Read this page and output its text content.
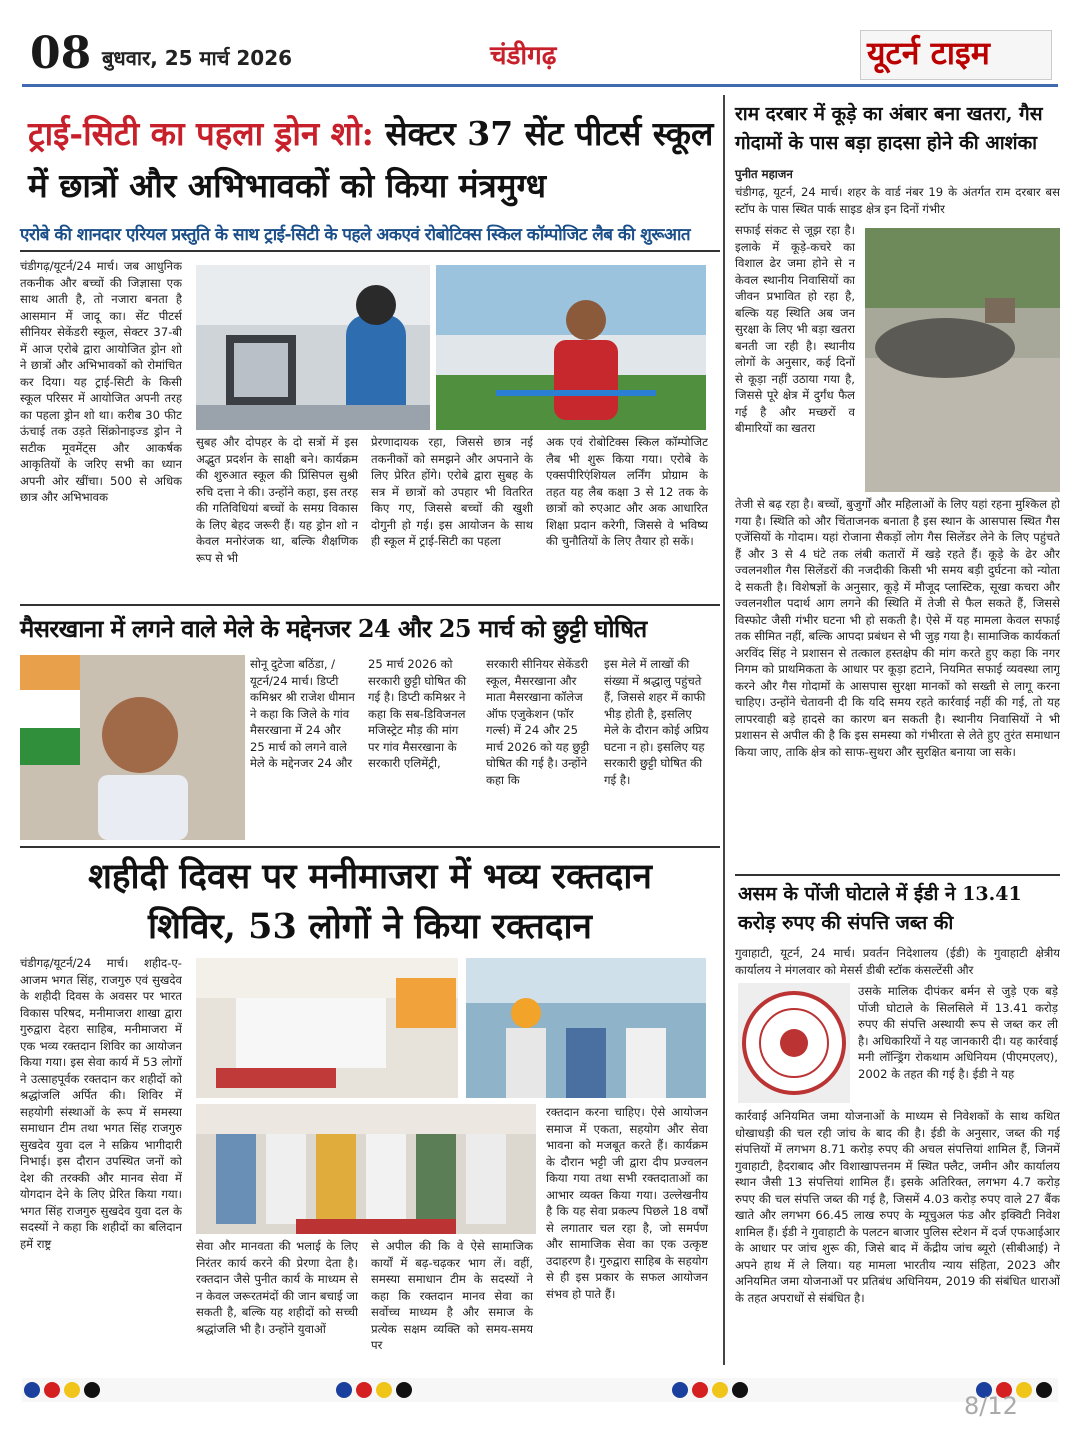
08 बुधवार, 25 मार्च 2026	चंडीगढ़	यूटर्न टाइम
ट्राई-सिटी का पहला ड्रोन शो: सेक्टर 37 सेंट पीटर्स स्कूल में छात्रों और अभिभावकों को किया मंत्रमुग्ध
एरोबे की शानदार एरियल प्रस्तुति के साथ ट्राई-सिटी के पहले अकएवं रोबोटिक्स स्किल कॉम्पोजिट लैब की शुरूआत
चंडीगढ़/यूटर्न/24 मार्च। जब आधुनिक तकनीक और बच्चों की जिज्ञासा एक साथ आती है, तो नजारा बनता है आसमान में जादू का। सेंट पीटर्स सीनियर सेकेंडरी स्कूल, सेक्टर 37-बी में आज एरोबे द्वारा आयोजित ड्रोन शो ने छात्रों और अभिभावकों को रोमांचित कर दिया। यह ट्राई-सिटी के किसी स्कूल परिसर में आयोजित अपनी तरह का पहला ड्रोन शो था। करीब 30 फीट ऊंचाई तक उड़ते सिंक्रोनाइज्ड ड्रोन ने सटीक मूवमेंट्स और आकर्षक आकृतियों के जरिए सभी का ध्यान अपनी ओर खींचा। 500 से अधिक छात्र और अभिभावक
सुबह और दोपहर के दो सत्रों में इस अद्भुत प्रदर्शन के साक्षी बने। कार्यक्रम की शुरुआत स्कूल की प्रिंसिपल सुश्री रुचि दत्ता ने की। उन्होंने कहा, इस तरह की गतिविधियां बच्चों के समग्र विकास के लिए बेहद जरूरी हैं। यह ड्रोन शो न केवल मनोरंजक था, बल्कि शैक्षणिक रूप से भी
प्रेरणादायक रहा, जिससे छात्र नई तकनीकों को समझने और अपनाने के लिए प्रेरित होंगे। एरोबे द्वारा सुबह के सत्र में छात्रों को उपहार भी वितरित किए गए, जिससे बच्चों की खुशी दोगुनी हो गई। इस आयोजन के साथ ही स्कूल में ट्राई-सिटी का पहला
अक एवं रोबोटिक्स स्किल कॉम्पोजिट लैब भी शुरू किया गया। एरोबे के एक्सपीरिएंशियल लर्निंग प्रोग्राम के तहत यह लैब कक्षा 3 से 12 तक के छात्रों को रुएआट और अक आधारित शिक्षा प्रदान करेगी, जिससे वे भविष्य की चुनौतियों के लिए तैयार हो सकें।
मैसरखाना में लगने वाले मेले के मद्देनजर 24 और 25 मार्च को छुट्टी घोषित
सोनू दुटेजा बठिंडा, /यूटर्न/24 मार्च। डिप्टी कमिश्नर श्री राजेश धीमान ने कहा कि जिले के गांव मैसरखाना में 24 और 25 मार्च को लगने वाले मेले के मद्देनजर 24 और
25 मार्च 2026 को सरकारी छुट्टी घोषित की गई है। डिप्टी कमिश्नर ने कहा कि सब-डिविजनल मजिस्ट्रेट मौड़ की मांग पर गांव मैसरखाना के सरकारी एलिमेंट्री,
सरकारी सीनियर सेकेंडरी स्कूल, मैसरखाना और माता मैसरखाना कॉलेज ऑफ एजुकेशन (फॉर गर्ल्स) में 24 और 25 मार्च 2026 को यह छुट्टी घोषित की गई है। उन्होंने कहा कि
इस मेले में लाखों की संख्या में श्रद्धालु पहुंचते हैं, जिससे शहर में काफी भीड़ होती है, इसलिए मेले के दौरान कोई अप्रिय घटना न हो। इसलिए यह सरकारी छुट्टी घोषित की गई है।
शहीदी दिवस पर मनीमाजरा में भव्य रक्तदान शिविर, 53 लोगों ने किया रक्तदान
चंडीगढ़/यूटर्न/24 मार्च। शहीद-ए-आजम भगत सिंह, राजगुरु एवं सुखदेव के शहीदी दिवस के अवसर पर भारत विकास परिषद, मनीमाजरा शाखा द्वारा गुरुद्वारा देहरा साहिब, मनीमाजरा में एक भव्य रक्तदान शिविर का आयोजन किया गया। इस सेवा कार्य में 53 लोगों ने उत्साहपूर्वक रक्तदान कर शहीदों को श्रद्धांजलि अर्पित की। शिविर में सहयोगी संस्थाओं के रूप में समस्या समाधान टीम तथा भगत सिंह राजगुरु सुखदेव युवा दल ने सक्रिय भागीदारी निभाई। इस दौरान उपस्थित जनों को देश की तरक्की और मानव सेवा में योगदान देने के लिए प्रेरित किया गया। भगत सिंह राजगुरु सुखदेव युवा दल के सदस्यों ने कहा कि शहीदों का बलिदान हमें राष्ट्र	सेवा और मानवता की भलाई के लिए निरंतर कार्य करने की प्रेरणा देता है। रक्तदान जैसे पुनीत कार्य के माध्यम से न केवल जरूरतमंदों की जान बचाई जा सकती है, बल्कि यह शहीदों को सच्ची श्रद्धांजलि भी है। उन्होंने युवाओं
से अपील की कि वे ऐसे सामाजिक कार्यों में बढ़-चढ़कर भाग लें। वहीं, समस्या समाधान टीम के सदस्यों ने कहा कि रक्तदान मानव सेवा का सर्वोच्च माध्यम है और समाज के प्रत्येक सक्षम व्यक्ति को समय-समय पर
रक्तदान करना चाहिए। ऐसे आयोजन समाज में एकता, सहयोग और सेवा भावना को मजबूत करते हैं। कार्यक्रम के दौरान भट्टी जी द्वारा दीप प्रज्वलन किया गया तथा सभी रक्तदाताओं का आभार व्यक्त किया गया। उल्लेखनीय है कि यह सेवा प्रकल्प पिछले 18 वर्षों से लगातार चल रहा है, जो समर्पण और सामाजिक सेवा का एक उत्कृष्ट उदाहरण है। गुरुद्वारा साहिब के सहयोग से ही इस प्रकार के सफल आयोजन संभव हो पाते हैं।
राम दरबार में कूड़े का अंबार बना खतरा, गैस गोदामों के पास बड़ा हादसा होने की आशंका
पुनीत महाजन
चंडीगढ़, यूटर्न, 24 मार्च। शहर के वार्ड नंबर 19 के अंतर्गत राम दरबार बस स्टॉप के पास स्थित पार्क साइड क्षेत्र इन दिनों गंभीर
सफाई संकट से जूझ रहा है। इलाके में कूड़े-कचरे का विशाल ढेर जमा होने से न केवल स्थानीय निवासियों का जीवन प्रभावित हो रहा है, बल्कि यह स्थिति अब जन सुरक्षा के लिए भी बड़ा खतरा बनती जा रही है। स्थानीय लोगों के अनुसार, कई दिनों से कूड़ा नहीं उठाया गया है, जिससे पूरे क्षेत्र में दुर्गंध फैल गई है और मच्छरों व बीमारियों का खतरा
तेजी से बढ़ रहा है। बच्चों, बुजुर्गों और महिलाओं के लिए यहां रहना मुश्किल हो गया है। स्थिति को और चिंताजनक बनाता है इस स्थान के आसपास स्थित गैस एजेंसियों के गोदाम। यहां रोजाना सैकड़ों लोग गैस सिलेंडर लेने के लिए पहुंचते हैं और 3 से 4 घंटे तक लंबी कतारों में खड़े रहते हैं। कूड़े के ढेर और ज्वलनशील गैस सिलेंडरों की नजदीकी किसी भी समय बड़ी दुर्घटना को न्योता दे सकती है। विशेषज्ञों के अनुसार, कूड़े में मौजूद प्लास्टिक, सूखा कचरा और ज्वलनशील पदार्थ आग लगने की स्थिति में तेजी से फैल सकते हैं, जिससे विस्फोट जैसी गंभीर घटना भी हो सकती है। ऐसे में यह मामला केवल सफाई तक सीमित नहीं, बल्कि आपदा प्रबंधन से भी जुड़ गया है। सामाजिक कार्यकर्ता अरविंद सिंह ने प्रशासन से तत्काल हस्तक्षेप की मांग करते हुए कहा कि नगर निगम को प्राथमिकता के आधार पर कूड़ा हटाने, नियमित सफाई व्यवस्था लागू करने और गैस गोदामों के आसपास सुरक्षा मानकों को सख्ती से लागू करना चाहिए। उन्होंने चेतावनी दी कि यदि समय रहते कार्रवाई नहीं की गई, तो यह लापरवाही बड़े हादसे का कारण बन सकती है। स्थानीय निवासियों ने भी प्रशासन से अपील की है कि इस समस्या को गंभीरता से लेते हुए तुरंत समाधान किया जाए, ताकि क्षेत्र को साफ-सुथरा और सुरक्षित बनाया जा सके।
असम के पोंजी घोटाले में ईडी ने 13.41 करोड़ रुपए की संपत्ति जब्त की
गुवाहाटी, यूटर्न, 24 मार्च। प्रवर्तन निदेशालय (ईडी) के गुवाहाटी क्षेत्रीय कार्यालय ने मंगलवार को मेसर्स डीबी स्टॉक कंसल्टेंसी और
उसके मालिक दीपंकर बर्मन से जुड़े एक बड़े पोंजी घोटाले के सिलसिले में 13.41 करोड़ रुपए की संपत्ति अस्थायी रूप से जब्त कर ली है। अधिकारियों ने यह जानकारी दी। यह कार्रवाई मनी लॉन्ड्रिंग रोकथाम अधिनियम (पीएमएलए), 2002 के तहत की गई है। ईडी ने यह
कार्रवाई अनियमित जमा योजनाओं के माध्यम से निवेशकों के साथ कथित धोखाधड़ी की चल रही जांच के बाद की है। ईडी के अनुसार, जब्त की गई संपत्तियों में लगभग 8.71 करोड़ रुपए की अचल संपत्तियां शामिल हैं, जिनमें गुवाहाटी, हैदराबाद और विशाखापत्तनम में स्थित फ्लैट, जमीन और कार्यालय स्थान जैसी 13 संपत्तियां शामिल हैं। इसके अतिरिक्त, लगभग 4.7 करोड़ रुपए की चल संपत्ति जब्त की गई है, जिसमें 4.03 करोड़ रुपए वाले 27 बैंक खाते और लगभग 66.45 लाख रुपए के म्यूचुअल फंड और इक्विटी निवेश शामिल हैं। ईडी ने गुवाहाटी के पलटन बाजार पुलिस स्टेशन में दर्ज एफआईआर के आधार पर जांच शुरू की, जिसे बाद में केंद्रीय जांच ब्यूरो (सीबीआई) ने अपने हाथ में ले लिया। यह मामला भारतीय न्याय संहिता, 2023 और अनियमित जमा योजनाओं पर प्रतिबंध अधिनियम, 2019 की संबंधित धाराओं के तहत अपराधों से संबंधित है।
8/12
